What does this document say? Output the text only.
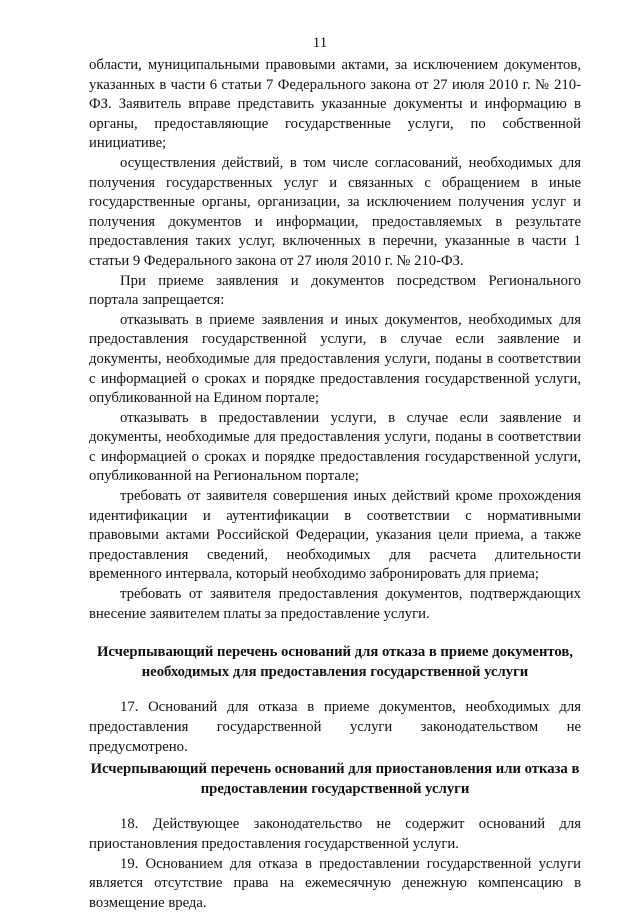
11

области, муниципальными правовыми актами, за исключением документов, указанных в части 6 статьи 7 Федерального закона от 27 июля 2010 г. № 210-ФЗ. Заявитель вправе представить указанные документы и информацию в органы, предоставляющие государственные услуги, по собственной инициативе;

осуществления действий, в том числе согласований, необходимых для получения государственных услуг и связанных с обращением в иные государственные органы, организации, за исключением получения услуг и получения документов и информации, предоставляемых в результате предоставления таких услуг, включенных в перечни, указанные в части 1 статьи 9 Федерального закона от 27 июля 2010 г. № 210-ФЗ.

При приеме заявления и документов посредством Регионального портала запрещается:

отказывать в приеме заявления и иных документов, необходимых для предоставления государственной услуги, в случае если заявление и документы, необходимые для предоставления услуги, поданы в соответствии с информацией о сроках и порядке предоставления государственной услуги, опубликованной на Едином портале;

отказывать в предоставлении услуги, в случае если заявление и документы, необходимые для предоставления услуги, поданы в соответствии с информацией о сроках и порядке предоставления государственной услуги, опубликованной на Региональном портале;

требовать от заявителя совершения иных действий кроме прохождения идентификации и аутентификации в соответствии с нормативными правовыми актами Российской Федерации, указания цели приема, а также предоставления сведений, необходимых для расчета длительности временного интервала, который необходимо забронировать для приема;

требовать от заявителя предоставления документов, подтверждающих внесение заявителем платы за предоставление услуги.

Исчерпывающий перечень оснований для отказа в приеме документов, необходимых для предоставления государственной услуги

17. Оснований для отказа в приеме документов, необходимых для предоставления государственной услуги законодательством не предусмотрено.

Исчерпывающий перечень оснований для приостановления или отказа в предоставлении государственной услуги

18. Действующее законодательство не содержит оснований для приостановления предоставления государственной услуги.

19. Основанием для отказа в предоставлении государственной услуги является отсутствие права на ежемесячную денежную компенсацию в возмещение вреда.
